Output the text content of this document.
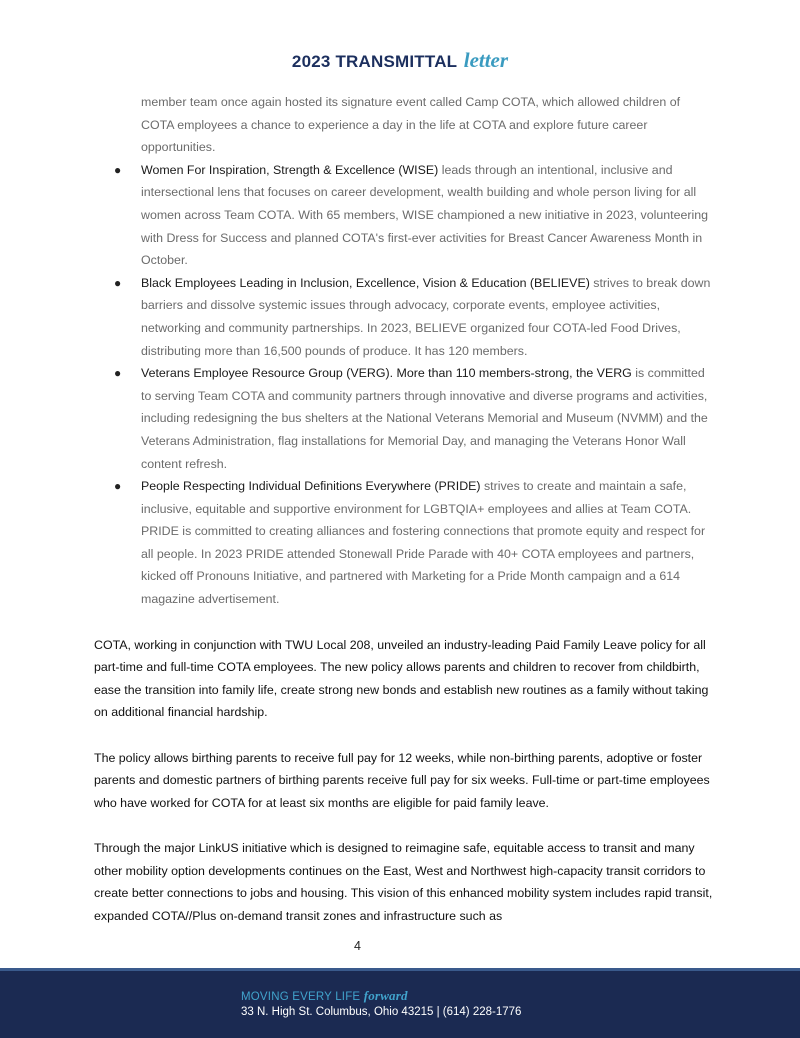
2023 TRANSMITTAL letter
member team once again hosted its signature event called Camp COTA, which allowed children of COTA employees a chance to experience a day in the life at COTA and explore future career opportunities.
● Women For Inspiration, Strength & Excellence (WISE) leads through an intentional, inclusive and intersectional lens that focuses on career development, wealth building and whole person living for all women across Team COTA. With 65 members, WISE championed a new initiative in 2023, volunteering with Dress for Success and planned COTA's first-ever activities for Breast Cancer Awareness Month in October.
● Black Employees Leading in Inclusion, Excellence, Vision & Education (BELIEVE) strives to break down barriers and dissolve systemic issues through advocacy, corporate events, employee activities, networking and community partnerships. In 2023, BELIEVE organized four COTA-led Food Drives, distributing more than 16,500 pounds of produce. It has 120 members.
● Veterans Employee Resource Group (VERG). More than 110 members-strong, the VERG is committed to serving Team COTA and community partners through innovative and diverse programs and activities, including redesigning the bus shelters at the National Veterans Memorial and Museum (NVMM) and the Veterans Administration, flag installations for Memorial Day, and managing the Veterans Honor Wall content refresh.
● People Respecting Individual Definitions Everywhere (PRIDE) strives to create and maintain a safe, inclusive, equitable and supportive environment for LGBTQIA+ employees and allies at Team COTA. PRIDE is committed to creating alliances and fostering connections that promote equity and respect for all people. In 2023 PRIDE attended Stonewall Pride Parade with 40+ COTA employees and partners, kicked off Pronouns Initiative, and partnered with Marketing for a Pride Month campaign and a 614 magazine advertisement.

COTA, working in conjunction with TWU Local 208, unveiled an industry-leading Paid Family Leave policy for all part-time and full-time COTA employees. The new policy allows parents and children to recover from childbirth, ease the transition into family life, create strong new bonds and establish new routines as a family without taking on additional financial hardship.

The policy allows birthing parents to receive full pay for 12 weeks, while non-birthing parents, adoptive or foster parents and domestic partners of birthing parents receive full pay for six weeks. Full-time or part-time employees who have worked for COTA for at least six months are eligible for paid family leave.

Through the major LinkUS initiative which is designed to reimagine safe, equitable access to transit and many other mobility option developments continues on the East, West and Northwest high-capacity transit corridors to create better connections to jobs and housing. This vision of this enhanced mobility system includes rapid transit, expanded COTA//Plus on-demand transit zones and infrastructure such as

4
MOVING EVERY LIFE forward
33 N. High St. Columbus, Ohio 43215 | (614) 228-1776
